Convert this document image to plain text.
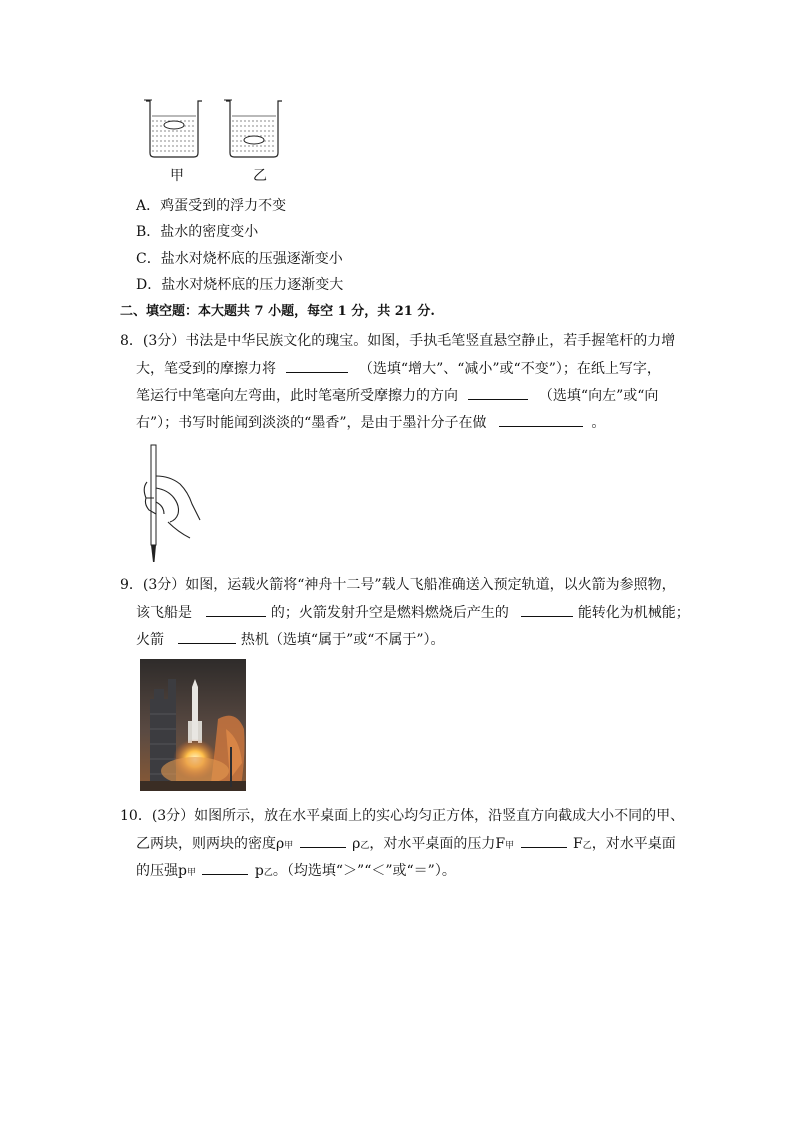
甲	乙
A．鸡蛋受到的浮力不变
B．盐水的密度变小
C．盐水对烧杯底的压强逐渐变小
D．盐水对烧杯底的压力逐渐变大
二、填空题：本大题共 7 小题，每空 1 分，共 21 分.
8．(3分）书法是中华民族文化的瑰宝。如图，手执毛笔竖直悬空静止，若手握笔杆的力增
大，笔受到的摩擦力将	（选填“增大”、“减小”或“不变”）；在纸上写字，
笔运行中笔毫向左弯曲，此时笔毫所受摩擦力的方向	（选填“向左”或“向
右”）；书写时能闻到淡淡的“墨香”，是由于墨汁分子在做	。
9．(3分）如图，运载火箭将“神舟十二号”载人飞船准确送入预定轨道，以火箭为参照物，
该飞船是	的；火箭发射升空是燃料燃烧后产生的	能转化为机械能；
火箭	热机（选填“属于”或“不属于”）。
10．(3分）如图所示，放在水平桌面上的实心均匀正方体，沿竖直方向截成大小不同的甲、
乙两块，则两块的密度ρ甲	ρ乙，对水平桌面的压力F甲	F乙，对水平桌面
的压强p甲	p乙。（均选填“＞”“＜”或“＝”）。
